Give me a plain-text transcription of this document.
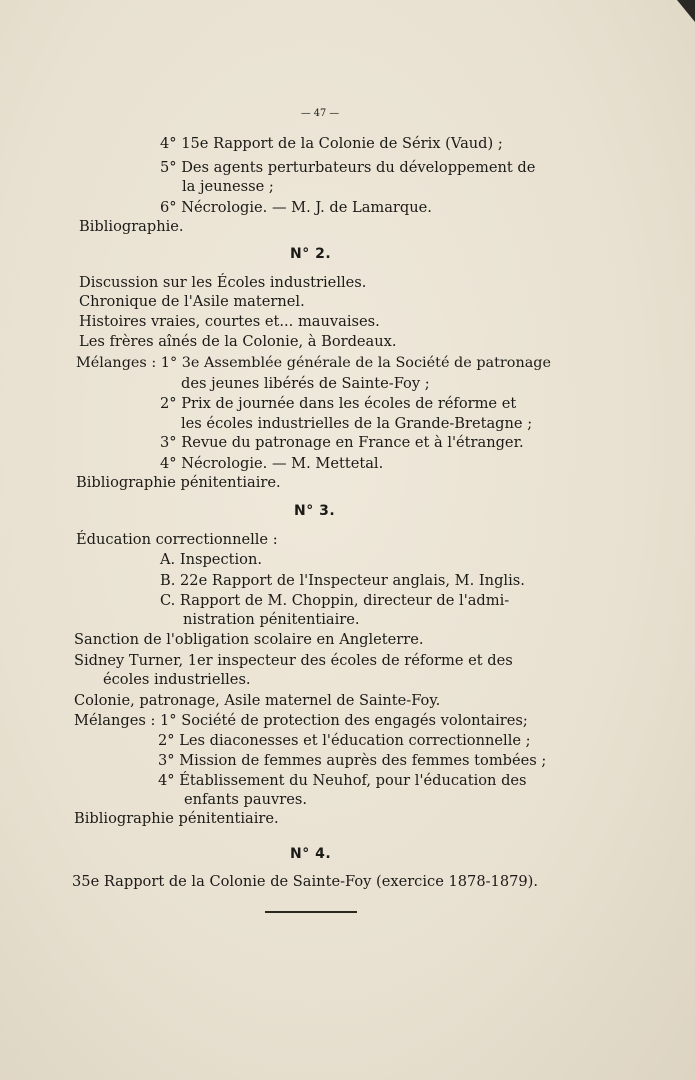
— 47 —
4° 15e Rapport de la Colonie de Sérix (Vaud) ;
5° Des agents perturbateurs du développement de
la jeunesse ;
6° Nécrologie. — M. J. de Lamarque.
Bibliographie.
N° 2.
Discussion sur les Écoles industrielles.
Chronique de l'Asile maternel.
Histoires vraies, courtes et... mauvaises.
Les frères aînés de la Colonie, à Bordeaux.
Mélanges : 1° 3e Assemblée générale de la Société de patronage
des jeunes libérés de Sainte-Foy ;
2° Prix de journée dans les écoles de réforme et
les écoles industrielles de la Grande-Bretagne ;
3° Revue du patronage en France et à l'étranger.
4° Nécrologie. — M. Mettetal.
Bibliographie pénitentiaire.
N° 3.
Éducation correctionnelle :
A. Inspection.
B. 22e Rapport de l'Inspecteur anglais, M. Inglis.
C. Rapport de M. Choppin, directeur de l'admi-
nistration pénitentiaire.
Sanction de l'obligation scolaire en Angleterre.
Sidney Turner, 1er inspecteur des écoles de réforme et des
écoles industrielles.
Colonie, patronage, Asile maternel de Sainte-Foy.
Mélanges : 1° Société de protection des engagés volontaires;
2° Les diaconesses et l'éducation correctionnelle ;
3° Mission de femmes auprès des femmes tombées ;
4° Établissement du Neuhof, pour l'éducation des
enfants pauvres.
Bibliographie pénitentiaire.
N° 4.
35e Rapport de la Colonie de Sainte-Foy (exercice 1878-1879).
